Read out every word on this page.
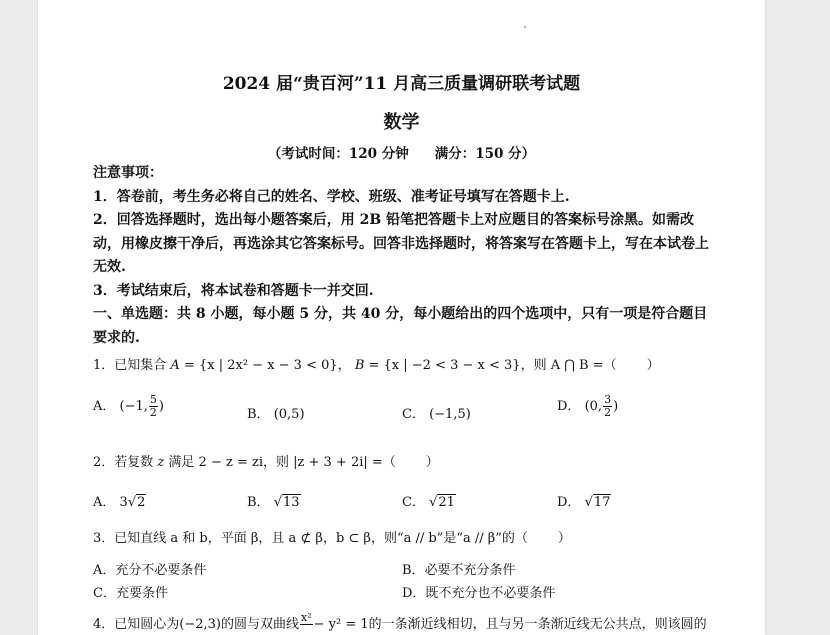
2024 届“贵百河”11 月高三质量调研联考试题
数学
（考试时间：120 分钟 满分：150 分）

注意事项：

1．答卷前，考生务必将自己的姓名、学校、班级、准考证号填写在答题卡上.

2．回答选择题时，选出每小题答案后，用 2B 铅笔把答题卡上对应题目的答案标号涂黑。如需改动，用橡皮擦干净后，再选涂其它答案标号。回答非选择题时，将答案写在答题卡上，写在本试卷上无效.

3．考试结束后，将本试卷和答题卡一并交回.

一、单选题：共 8 小题，每小题 5 分，共 40 分，每小题给出的四个选项中，只有一项是符合题目要求的.

1．已知集合 A = {x | 2x² − x − 3 < 0}， B = {x | −2 < 3 − x < 3}，则 A ⋂ B =（ ）
A． (−1, $\frac{5}{2}$ )
B． (0,5)	C． (−1,5)
D． (0, $\frac{3}{2}$ )
2．若复数 z 满足 2 − z = zi，则 |z + 3 + 2i| =（ ）
A． 3√2	B． √13	C． √21	D． √17
3．已知直线 a 和 b，平面 β，且 a ⊄ β，b ⊂ β，则“a // b”是“a // β”的（ ）
A．充分不必要条件	B．必要不充分条件
C．充要条件	D．既不充分也不必要条件
4．已知圆心为(−2,3)的圆与双曲线 x²
− y² = 1的一条渐近线相切，且与另一条渐近线无公共点，则该圆的
